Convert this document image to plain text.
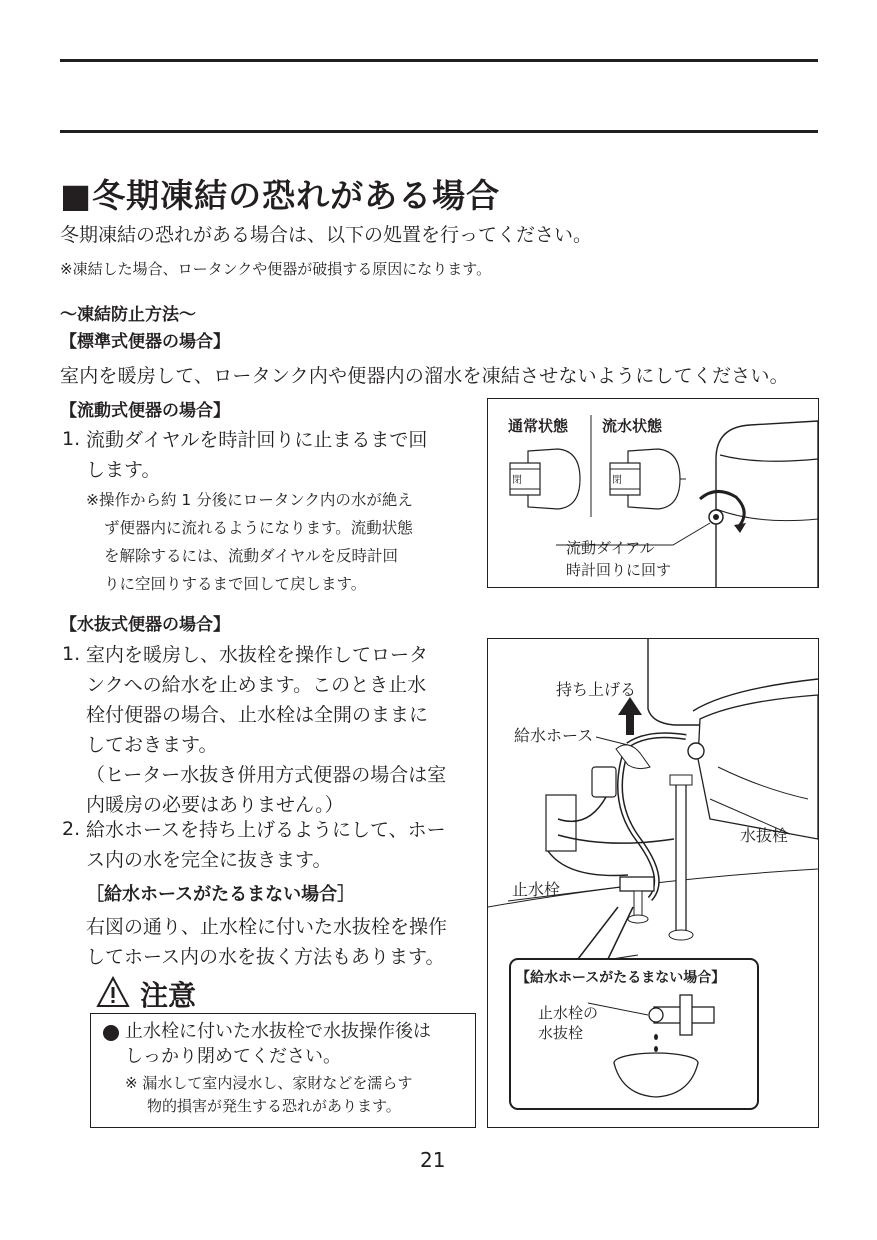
■冬期凍結の恐れがある場合
冬期凍結の恐れがある場合は、以下の処置を行ってください。
※凍結した場合、ロータンクや便器が破損する原因になります。
～凍結防止方法～
【標準式便器の場合】
室内を暖房して、ロータンク内や便器内の溜水を凍結させないようにしてください。
【流動式便器の場合】
1. 流動ダイヤルを時計回りに止まるまで回
します。
※操作から約 1 分後にロータンク内の水が絶え
ず便器内に流れるようになります。流動状態
を解除するには、流動ダイヤルを反時計回
りに空回りするまで回して戻します。
通常状態 流水状態
閉	閉
流動ダイアル
時計回りに回す
【水抜式便器の場合】
1. 室内を暖房し、水抜栓を操作してロータ
ンクへの給水を止めます。このとき止水
栓付便器の場合、止水栓は全開のままに
しておきます。
（ヒーター水抜き併用方式便器の場合は室
内暖房の必要はありません。）
2. 給水ホースを持ち上げるようにして、ホー
ス内の水を完全に抜きます。
［給水ホースがたるまない場合］
右図の通り、止水栓に付いた水抜栓を操作
してホース内の水を抜く方法もあります。
注意
止水栓に付いた水抜栓で水抜操作後は
しっかり閉めてください。
※ 漏水して室内浸水し、家財などを濡らす
物的損害が発生する恐れがあります。
持ち上げる
給水ホース
水抜栓
止水栓
【給水ホースがたるまない場合】
止水栓の
水抜栓
21
